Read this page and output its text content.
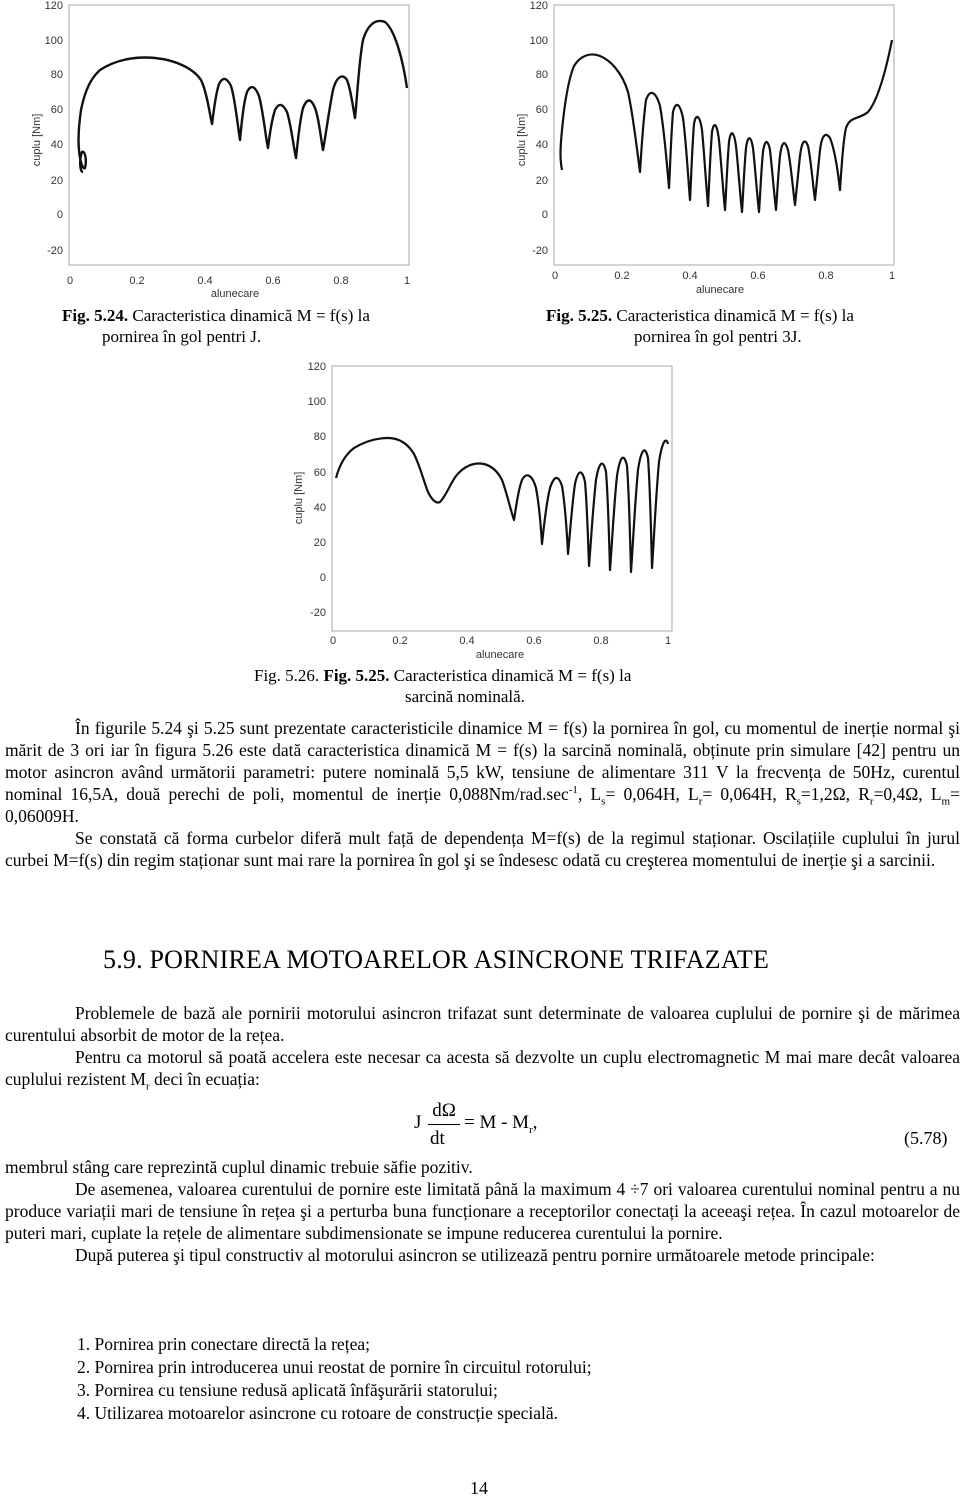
120
100
80
60
40
20
0
-20
0	0.2	0.4	0.6	0.8	1
alunecare
cuplu [Nm]
120
100
80
60
40
20
0
-20
0	0.2	0.4	0.6	0.8	1
alunecare
cuplu [Nm]
Fig. 5.24. Caracteristica dinamică M = f(s) la
pornirea în gol pentri J.
Fig. 5.25. Caracteristica dinamică M = f(s) la
pornirea în gol pentri 3J.
120
100
80
60
40
20
0
-20
0	0.2	0.4	0.6	0.8	1
alunecare
cuplu [Nm]
Fig. 5.26. Fig. 5.25. Caracteristica dinamică M = f(s) la
sarcină nominală.

În figurile 5.24 şi 5.25 sunt prezentate caracteristicile dinamice M = f(s) la pornirea în gol, cu momentul de inerție normal şi mărit de 3 ori iar în figura 5.26 este dată caracteristica dinamică M = f(s) la sarcină nominală, obținute prin simulare [42] pentru un motor asincron având următorii parametri: putere nominală 5,5 kW, tensiune de alimentare 311 V la frecvența de 50Hz, curentul nominal 16,5A, două perechi de poli, momentul de inerție $0,088Nm/rad.\sec^{-1}$, $L_s= 0,064H$, $L_r= 0,064H$, $R_s=1,2\Omega$, $R_r=0,4\Omega$, $L_m= 0,06009H$.

Se constată că forma curbelor diferă mult față de dependența M=f(s) de la regimul staționar. Oscilațiile cuplului în jurul curbei M=f(s) din regim staționar sunt mai rare la pornirea în gol şi se îndesesc odată cu creşterea momentului de inerție şi a sarcinii.

5.9. PORNIREA MOTOARELOR ASINCRONE TRIFAZATE

Problemele de bază ale pornirii motorului asincron trifazat sunt determinate de valoarea cuplului de pornire şi de mărimea curentului absorbit de motor de la rețea.

Pentru ca motorul să poată accelera este necesar ca acesta să dezvolte un cuplu electromagnetic M mai mare decât valoarea cuplului rezistent $M_r$ deci în ecuația:

J
dΩ
dt
= M - $M_r$,
(5.78)

membrul stâng care reprezintă cuplul dinamic trebuie săfie pozitiv.

De asemenea, valoarea curentului de pornire este limitată până la maximum 4 ÷7 ori valoarea curentului nominal pentru a nu produce variații mari de tensiune în rețea şi a perturba buna funcționare a receptorilor conectați la aceeaşi rețea. În cazul motoarelor de puteri mari, cuplate la rețele de alimentare subdimensionate se impune reducerea curentului la pornire.

După puterea şi tipul constructiv al motorului asincron se utilizează pentru pornire următoarele metode principale:

1. Pornirea prin conectare directă la rețea;
2. Pornirea prin introducerea unui reostat de pornire în circuitul rotorului;
3. Pornirea cu tensiune redusă aplicată înfăşurării statorului;
4. Utilizarea motoarelor asincrone cu rotoare de construcție specială.
14
